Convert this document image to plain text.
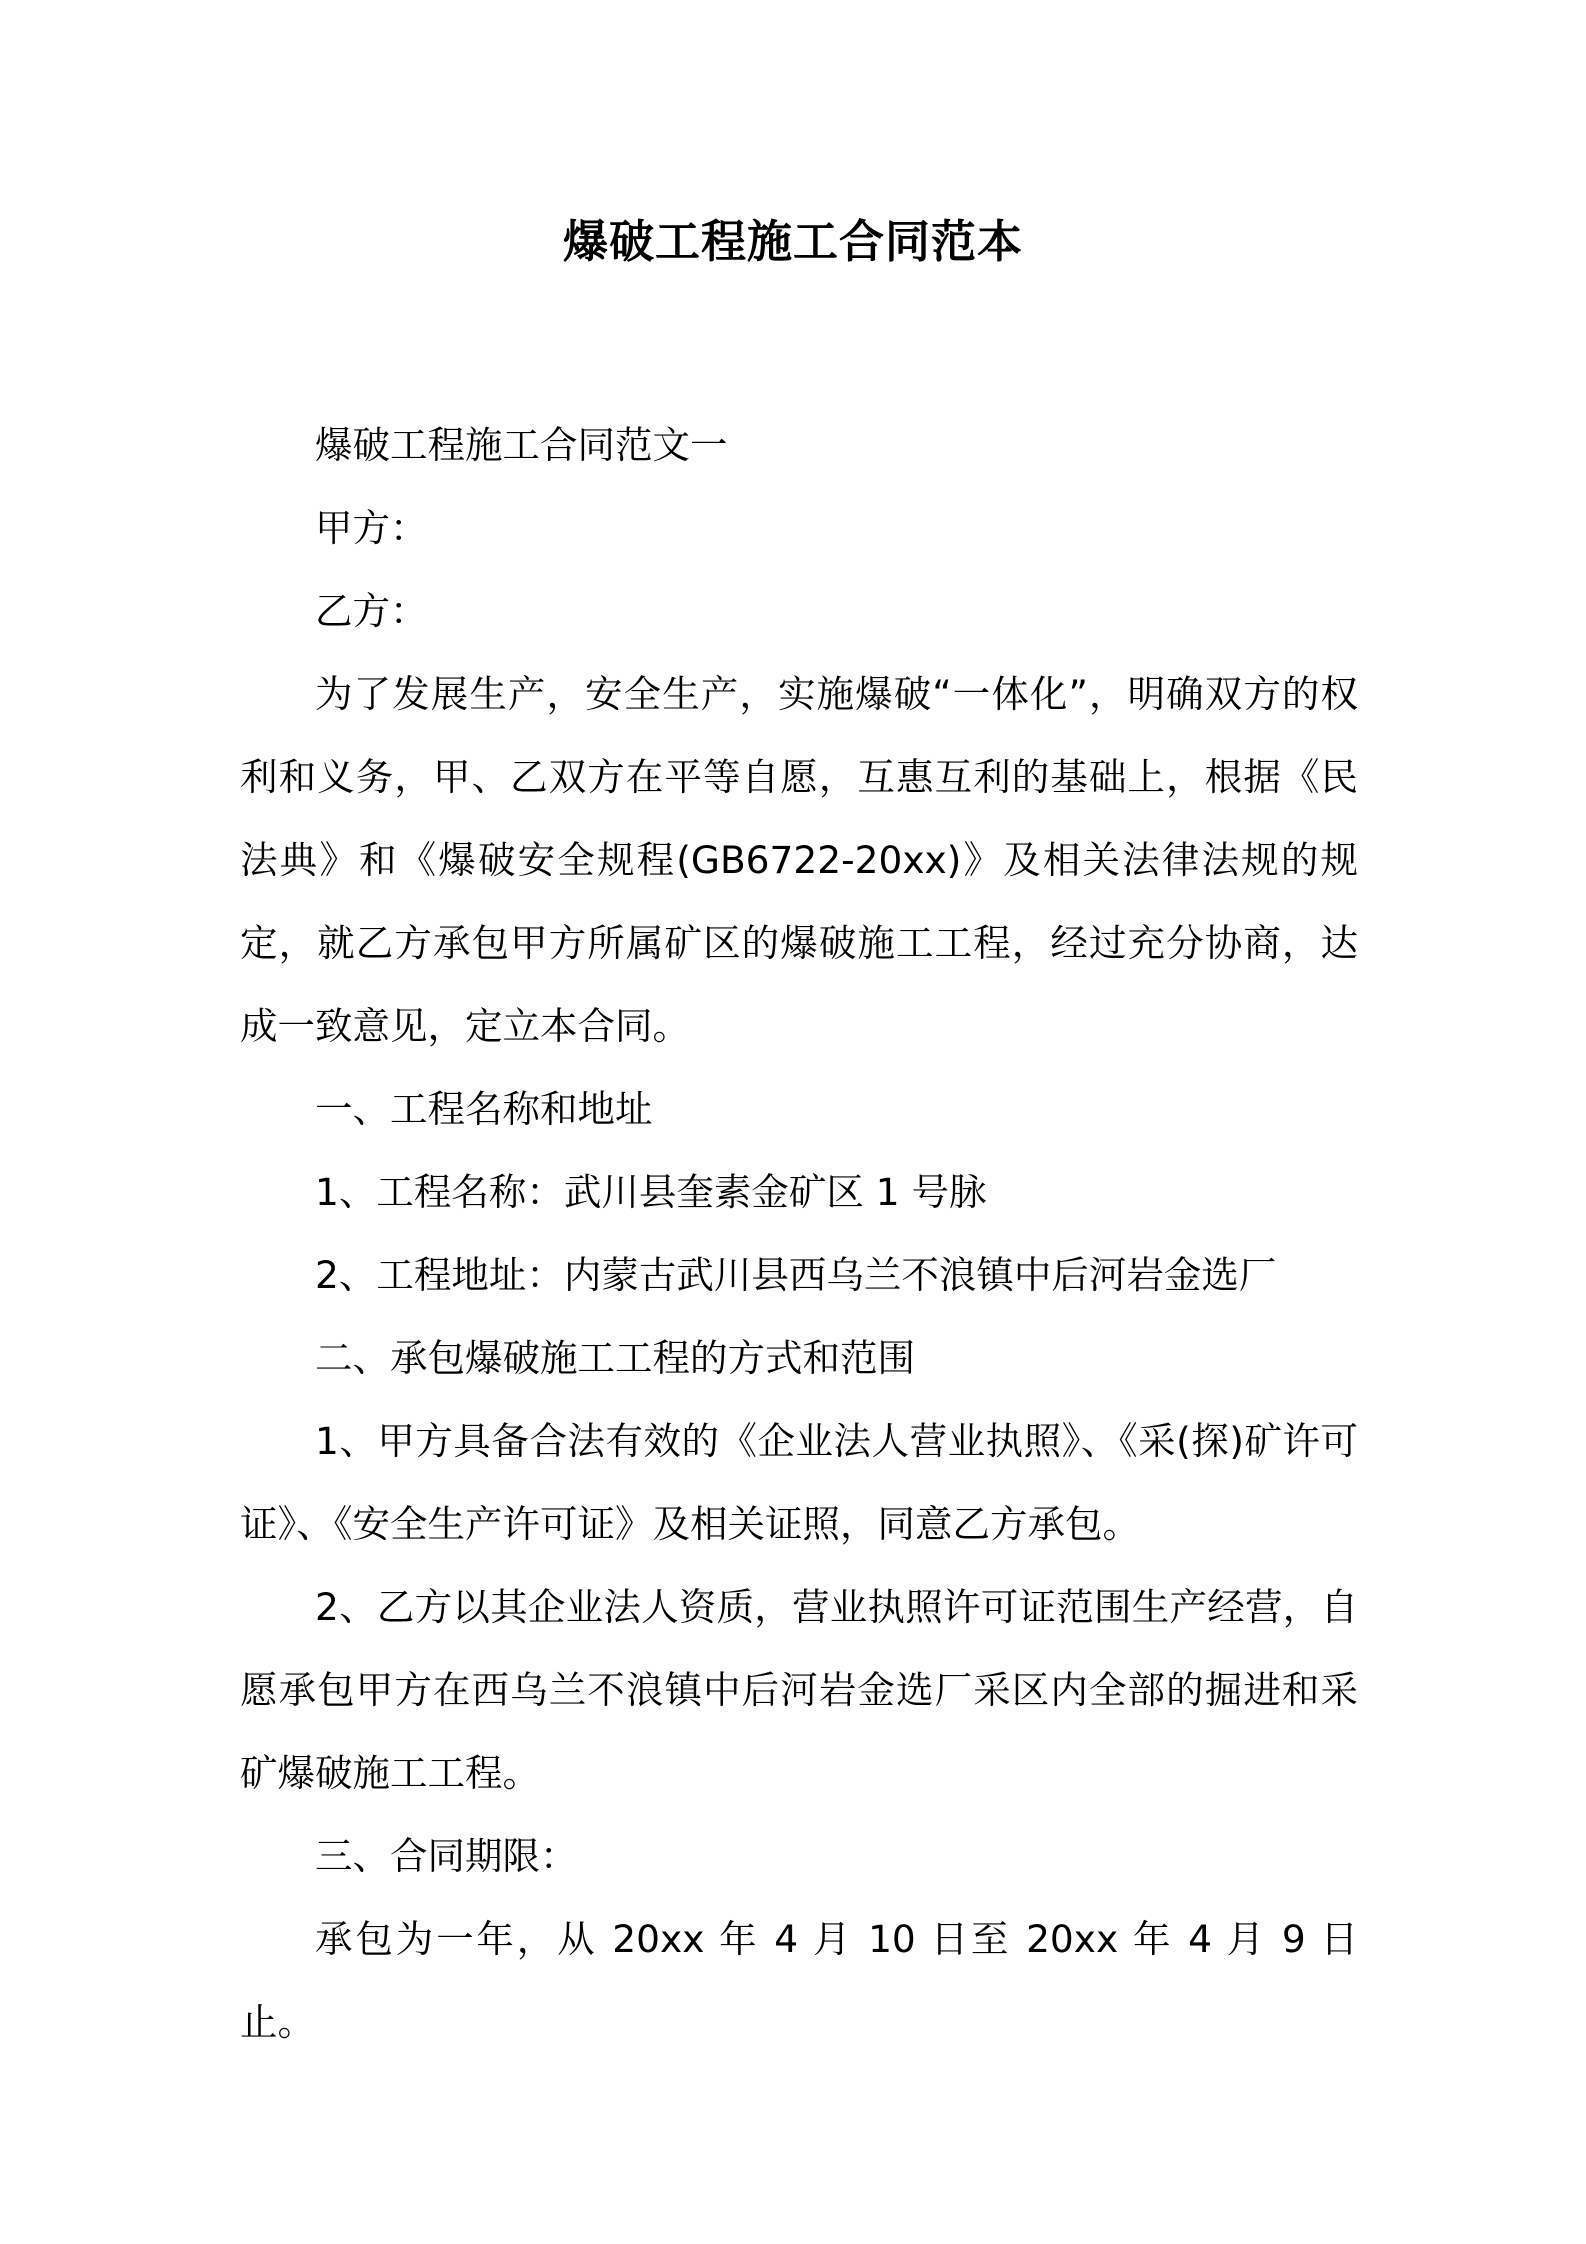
爆破工程施工合同范本

爆破工程施工合同范文一

甲方：

乙方：

为了发展生产，安全生产，实施爆破“一体化”，明确双方的权利和义务，甲、乙双方在平等自愿，互惠互利的基础上，根据《民法典》和《爆破安全规程(GB6722-20xx)》及相关法律法规的规定，就乙方承包甲方所属矿区的爆破施工工程，经过充分协商，达成一致意见，定立本合同。

一、工程名称和地址

1、工程名称：武川县奎素金矿区 1 号脉

2、工程地址：内蒙古武川县西乌兰不浪镇中后河岩金选厂

二、承包爆破施工工程的方式和范围

1、甲方具备合法有效的《企业法人营业执照》、《采(探)矿许可证》、《安全生产许可证》及相关证照，同意乙方承包。

2、乙方以其企业法人资质，营业执照许可证范围生产经营，自愿承包甲方在西乌兰不浪镇中后河岩金选厂采区内全部的掘进和采矿爆破施工工程。

三、合同期限：

承包为一年，从 20xx 年 4 月 10 日至 20xx 年 4 月 9 日止。
